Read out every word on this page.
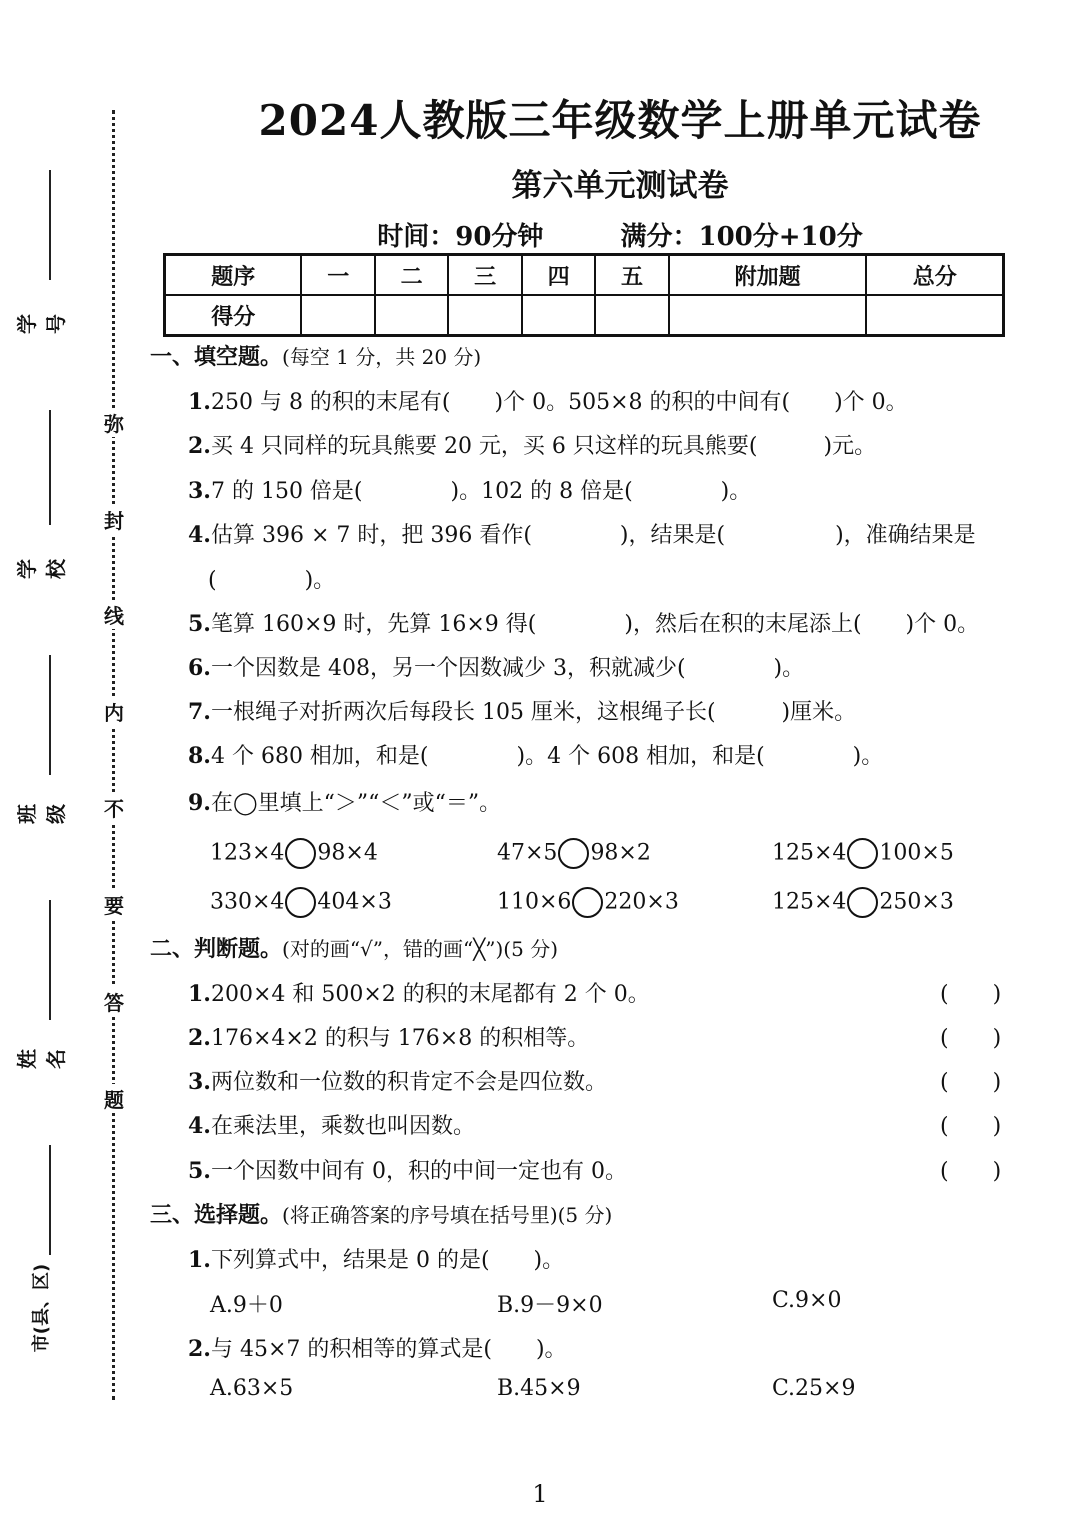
学号
学校
班级
姓名
市(县、区)
弥
封
线
内
不
要
答
题
2024人教版三年级数学上册单元试卷
第六单元测试卷
时间：90分钟	满分：100分+10分
题序	一	二	三	四	五	附加题	总分
得分							
一、填空题。(每空 1 分，共 20 分)
1.250 与 8 的积的末尾有(　　)个 0。505×8 的积的中间有(　　)个 0。
2.买 4 只同样的玩具熊要 20 元，买 6 只这样的玩具熊要(　　　)元。
3.7 的 150 倍是(　　　　)。102 的 8 倍是(　　　　)。
4.估算 396 × 7 时，把 396 看作(　　　　)，结果是(　　　　　)，准确结果是
(　　　　)。
5.笔算 160×9 时，先算 16×9 得(　　　　)，然后在积的末尾添上(　　)个 0。
6.一个因数是 408，另一个因数减少 3，积就减少(　　　　)。
7.一根绳子对折两次后每段长 105 厘米，这根绳子长(　　　)厘米。
8.4 个 680 相加，和是(　　　　)。4 个 608 相加，和是(　　　　)。
9.在◯里填上“＞”“＜”或“＝”。
123×4 98×4	47×5 98×2	125×4 100×5
330×4 404×3	110×6 220×3	125×4 250×3
二、判断题。(对的画“√”，错的画“╳”)(5 分)
1.200×4 和 500×2 的积的末尾都有 2 个 0。	(　　)
2.176×4×2 的积与 176×8 的积相等。	(　　)
3.两位数和一位数的积肯定不会是四位数。	(　　)
4.在乘法里，乘数也叫因数。	(　　)
5.一个因数中间有 0，积的中间一定也有 0。	(　　)
三、选择题。(将正确答案的序号填在括号里)(5 分)
1.下列算式中，结果是 0 的是(　　)。
A.9＋0	B.9－9×0	C.9×0
2.与 45×7 的积相等的算式是(　　)。
A.63×5	B.45×9	C.25×9
1
